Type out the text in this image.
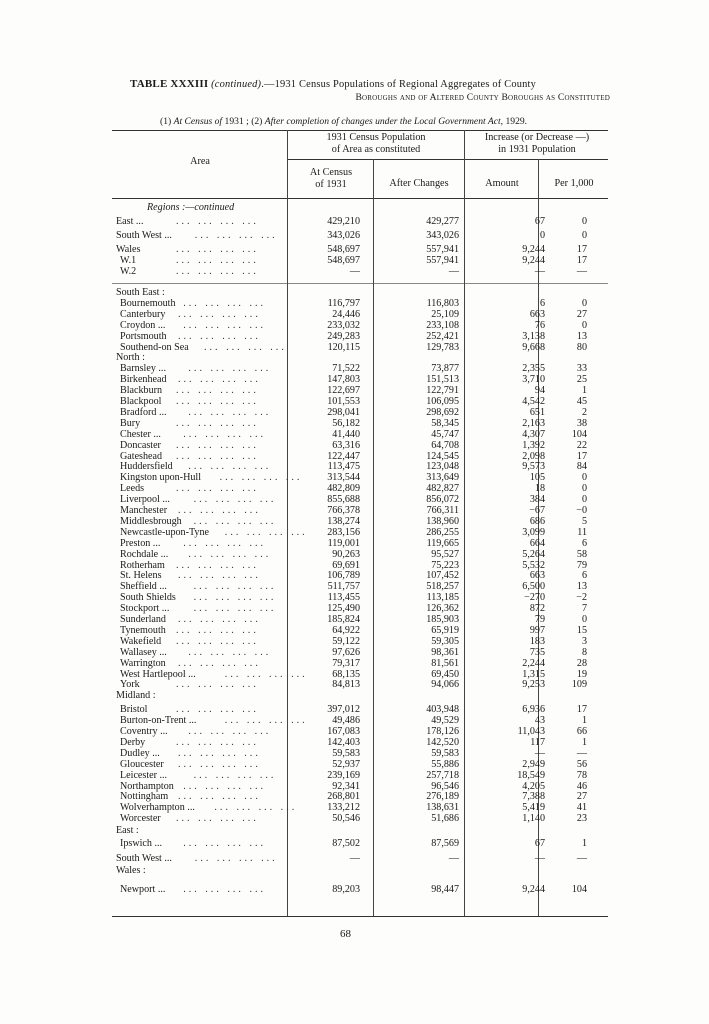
TABLE XXXIII (continued).—1931 Census Populations of Regional Aggregates of County
Boroughs and of Altered County Boroughs as Constituted
(1) At Census of 1931 ; (2) After completion of changes under the Local Government Act, 1929.
Area
1931 Census Population
of Area as constituted
Increase (or Decrease —)
in 1931 Population
At Census
of 1931	After Changes	Amount	Per 1,000
Regions :—continued
East ...	... ... ... ...	429,210	429,277	67	0
South West ... ... ... ... ...	343,026	343,026	0	0
Wales	... ... ... ...	548,697	557,941	9,244	17
W.1	... ... ... ...	548,697	557,941	9,244	17
W.2	... ... ... ...	—	—	—	—
South East :
Bournemouth ... ... ... ...	116,797	116,803	6	0
Canterbury ... ... ... ...	24,446	25,109	663	27
Croydon ... ... ... ... ...	233,032	233,108	76	0
Portsmouth ... ... ... ...	249,283	252,421	3,138	13
Southend-on Sea ... ... ... ...	120,115	129,783	9,668	80
North :
Barnsley ... ... ... ... ...	71,522	73,877	2,355	33
Birkenhead ... ... ... ...	147,803	151,513	3,710	25
Blackburn ... ... ... ...	122,697	122,791	94	1
Blackpool ... ... ... ...	101,553	106,095	4,542	45
Bradford ... ... ... ... ...	298,041	298,692	651	2
Bury	... ... ... ...	56,182	58,345	2,163	38
Chester ... ... ... ... ...	41,440	45,747	4,307	104
Doncaster ... ... ... ...	63,316	64,708	1,392	22
Gateshead ... ... ... ...	122,447	124,545	2,098	17
Huddersfield ... ... ... ...	113,475	123,048	9,573	84
Kingston upon-Hull ... ... ... ... 313,544	313,649	105	0
Leeds	... ... ... ...	482,809	482,827	18	0
Liverpool ... ... ... ... ...	855,688	856,072	384	0
Manchester ... ... ... ...	766,378	766,311	−67	−0
Middlesbrough ... ... ... ...	138,274	138,960	686	5
Newcastle-upon-Tyne ... ... ... ... 283,156	286,255	3,099	11
Preston ... ... ... ... ...	119,001	119,665	664	6
Rochdale ... ... ... ... ...	90,263	95,527	5,264	58
Rotherham ... ... ... ...	69,691	75,223	5,532	79
St. Helens ... ... ... ...	106,789	107,452	663	6
Sheffield ...	... ... ... ...	511,757	518,257	6,500	13
South Shields ... ... ... ...	113,455	113,185	−270	−2
Stockport ... ... ... ... ...	125,490	126,362	872	7
Sunderland ... ... ... ...	185,824	185,903	79	0
Tynemouth ... ... ... ...	64,922	65,919	997	15
Wakefield ... ... ... ...	59,122	59,305	183	3
Wallasey ... ... ... ... ...	97,626	98,361	735	8
Warrington ... ... ... ...	79,317	81,561	2,244	28
West Hartlepool ...	... ... ... ... 68,135	69,450	1,315	19
York	... ... ... ...	84,813	94,066	9,253	109
Midland :
Bristol	... ... ... ...	397,012	403,948	6,936	17
Burton-on-Trent ...	... ... ... ... 49,486	49,529	43	1
Coventry ... ... ... ... ...	167,083	178,126	11,043	66
Derby	... ... ... ...	142,403	142,520	117	1
Dudley ... ... ... ... ...	59,583	59,583	—	—
Gloucester ... ... ... ...	52,937	55,886	2,949	56
Leicester ...	... ... ... ...	239,169	257,718	18,549	78
Northampton ... ... ... ...	92,341	96,546	4,205	46
Nottingham ... ... ... ...	268,801	276,189	7,388	27
Wolverhampton ... ... ... ... ...	133,212	138,631	5,419	41
Worcester ... ... ... ...	50,546	51,686	1,140	23
East :
Ipswich ... ... ... ... ...	87,502	87,569	67	1
South West ... ... ... ... ...	—	—	—	—
Wales :
Newport ... ... ... ... ...	89,203	98,447	9,244	104
68
